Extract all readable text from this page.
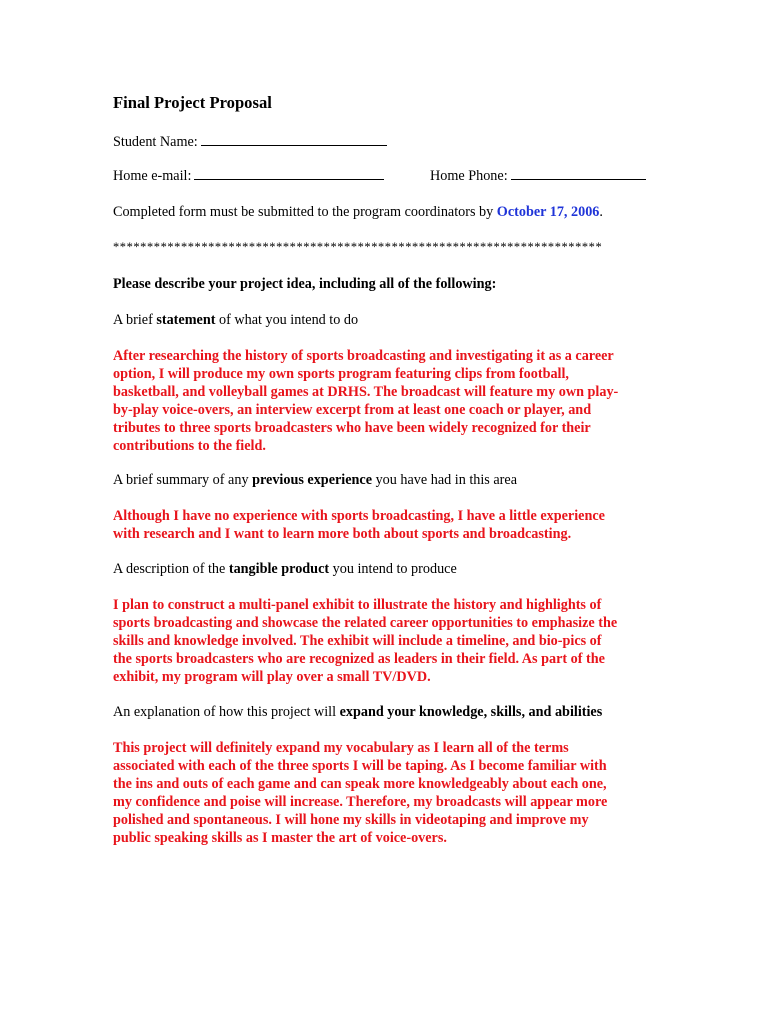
Final Project Proposal
Student Name:
Home e-mail:	Home Phone:
Completed form must be submitted to the program coordinators by October 17, 2006.
************************************************************************
Please describe your project idea, including all of the following:
A brief statement of what you intend to do
After researching the history of sports broadcasting and investigating it as a career
option, I will produce my own sports program featuring clips from football,
basketball, and volleyball games at DRHS. The broadcast will feature my own play-
by-play voice-overs, an interview excerpt from at least one coach or player, and
tributes to three sports broadcasters who have been widely recognized for their
contributions to the field.
A brief summary of any previous experience you have had in this area
Although I have no experience with sports broadcasting, I have a little experience
with research and I want to learn more both about sports and broadcasting.
A description of the tangible product you intend to produce
I plan to construct a multi-panel exhibit to illustrate the history and highlights of
sports broadcasting and showcase the related career opportunities to emphasize the
skills and knowledge involved. The exhibit will include a timeline, and bio-pics of
the sports broadcasters who are recognized as leaders in their field. As part of the
exhibit, my program will play over a small TV/DVD.
An explanation of how this project will expand your knowledge, skills, and abilities
This project will definitely expand my vocabulary as I learn all of the terms
associated with each of the three sports I will be taping. As I become familiar with
the ins and outs of each game and can speak more knowledgeably about each one,
my confidence and poise will increase. Therefore, my broadcasts will appear more
polished and spontaneous. I will hone my skills in videotaping and improve my
public speaking skills as I master the art of voice-overs.
